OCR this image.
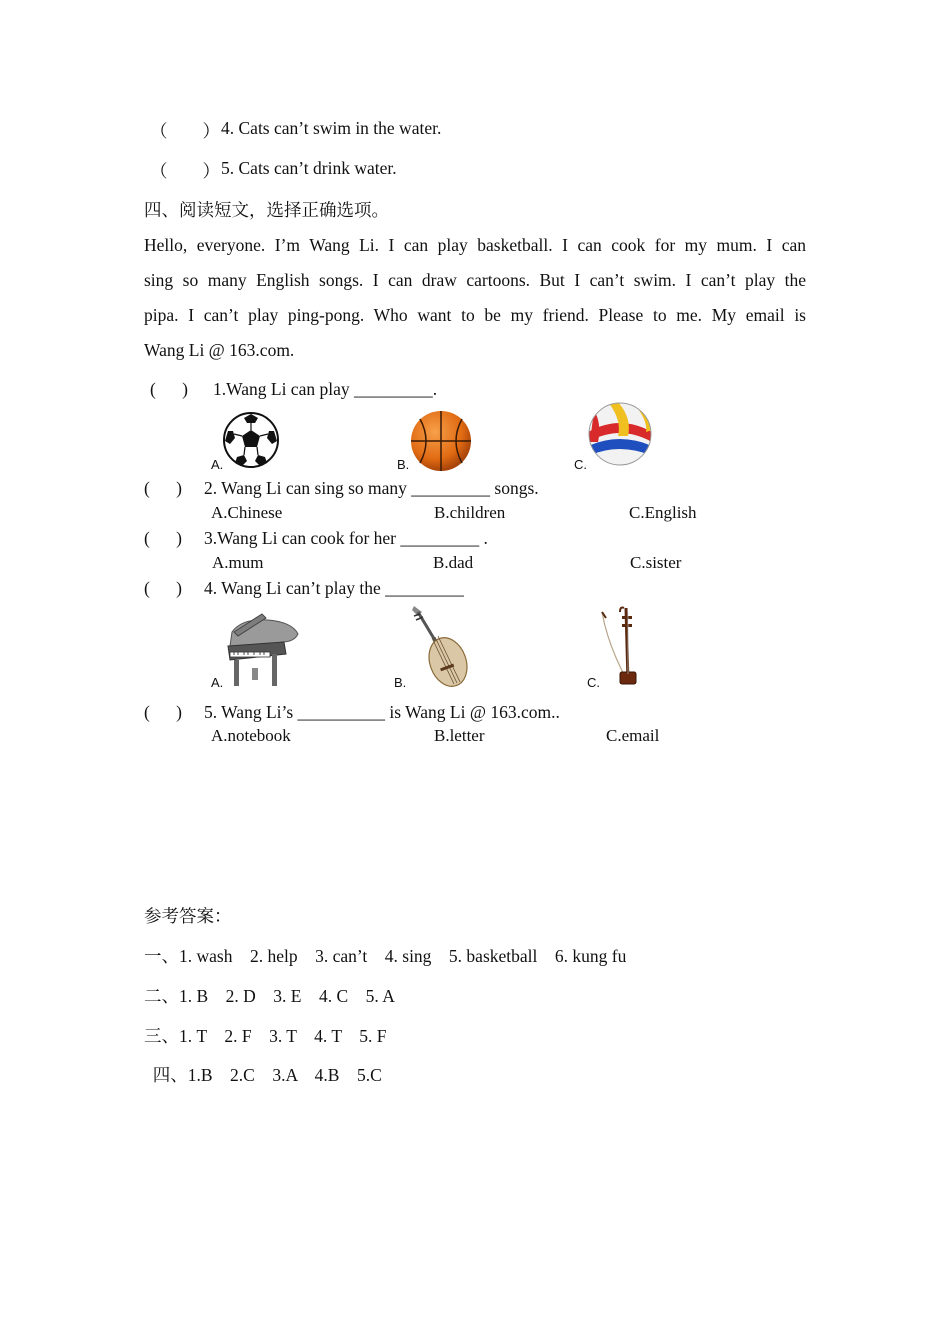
（        ） 4. Cats can’t swim in the water.
（        ） 5. Cats can’t drink water.
四、阅读短文，选择正确选项。
Hello, everyone. I’m Wang Li. I can play basketball. I can cook for my mum. I can
sing so many English songs. I can draw cartoons. But I can’t swim. I can’t play the
pipa. I can’t play ping-pong. Who want to be my friend. Please to me. My email is
Wang Li @ 163.com.
(      ) 1.Wang Li can play _________.
A.	B.	C.
(      ) 2. Wang Li can sing so many _________ songs.
A.Chinese	B.children	C.English
(      ) 3.Wang Li can cook for her _________ .
A.mum	B.dad	C.sister
(      ) 4. Wang Li can’t play the _________
A.	B.	C.
(      ) 5. Wang Li’s __________ is Wang Li @ 163.com..
A.notebook	B.letter	C.email
参考答案：
一、1. wash    2. help    3. can’t    4. sing    5. basketball    6. kung fu
二、1. B    2. D    3. E    4. C    5. A
三、1. T    2. F    3. T    4. T    5. F
四、1.B    2.C    3.A    4.B    5.C
